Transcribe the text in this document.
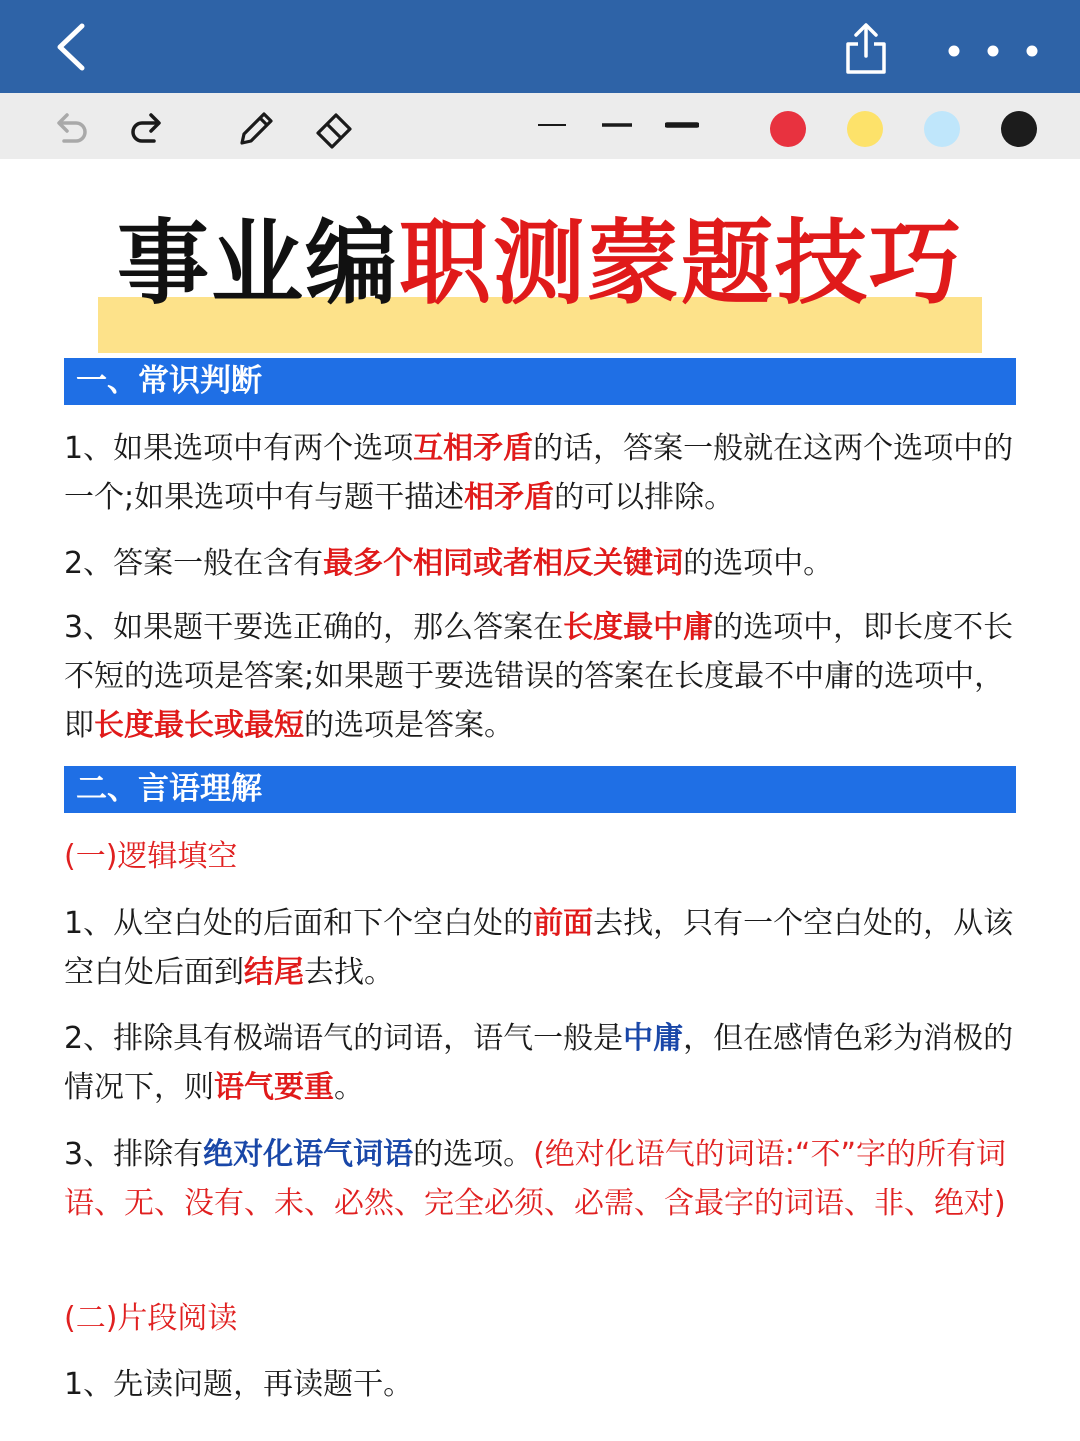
事业编职测蒙题技巧
一、常识判断
1、如果选项中有两个选项互相矛盾的话，答案一般就在这两个选项中的一个;如果选项中有与题干描述相矛盾的可以排除。
2、答案一般在含有最多个相同或者相反关键词的选项中。
3、如果题干要选正确的，那么答案在长度最中庸的选项中，即长度不长不短的选项是答案;如果题于要选错误的答案在长度最不中庸的选项中，即长度最长或最短的选项是答案。
二、言语理解
(一)逻辑填空
1、从空白处的后面和下个空白处的前面去找，只有一个空白处的，从该空白处后面到结尾去找。
2、排除具有极端语气的词语，语气一般是中庸，但在感情色彩为消极的情况下，则语气要重。
3、排除有绝对化语气词语的选项。(绝对化语气的词语:“不”字的所有词语、无、没有、未、必然、完全必须、必需、含最字的词语、非、绝对)
(二)片段阅读
1、先读问题，再读题干。
